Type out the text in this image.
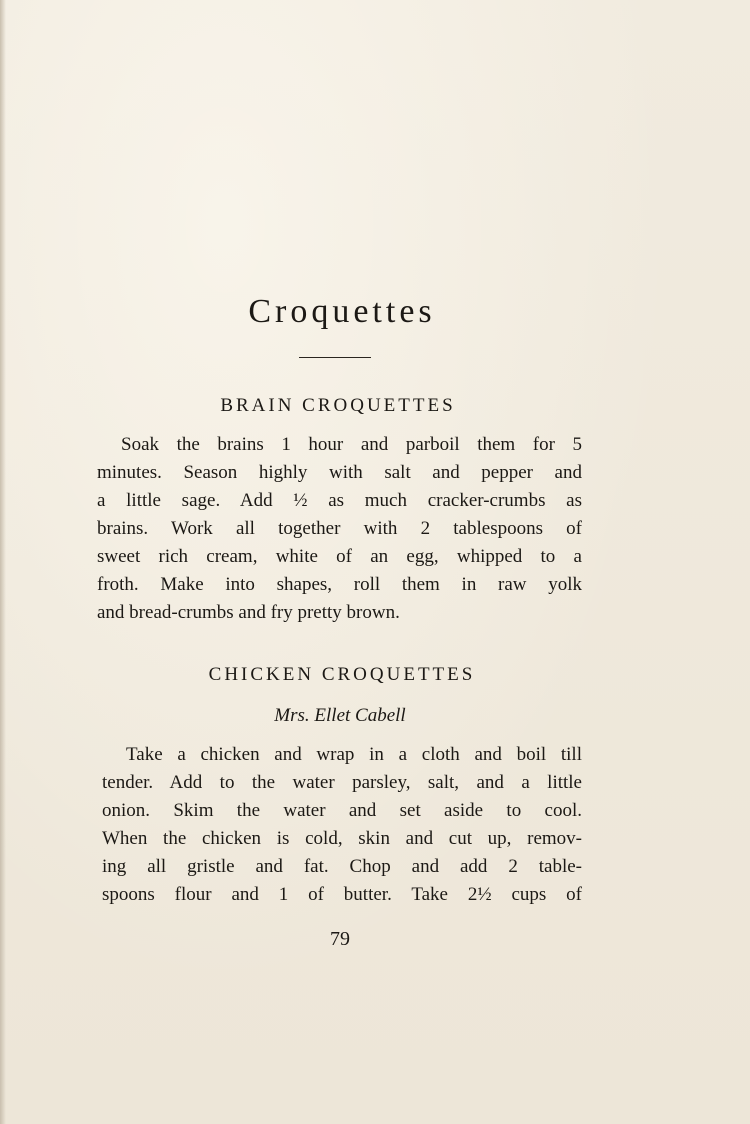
Croquettes
BRAIN CROQUETTES

Soak the brains 1 hour and parboil them for 5
minutes. Season highly with salt and pepper and
a little sage. Add ½ as much cracker-crumbs as
brains. Work all together with 2 tablespoons of
sweet rich cream, white of an egg, whipped to a
froth. Make into shapes, roll them in raw yolk
and bread-crumbs and fry pretty brown.

CHICKEN CROQUETTES
Mrs. Ellet Cabell

Take a chicken and wrap in a cloth and boil till
tender. Add to the water parsley, salt, and a little
onion. Skim the water and set aside to cool.
When the chicken is cold, skin and cut up, remov-
ing all gristle and fat. Chop and add 2 table-
spoons flour and 1 of butter. Take 2½ cups of

79
